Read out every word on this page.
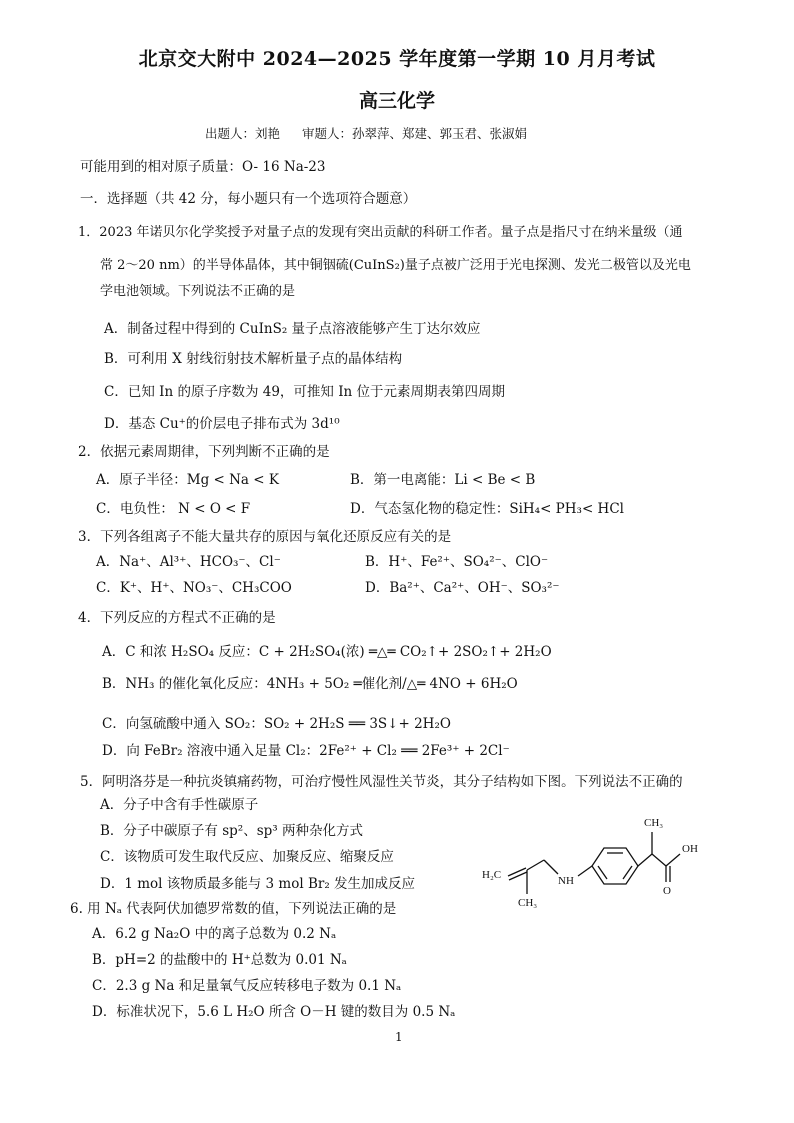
北京交大附中 2024—2025 学年度第一学期 10 月月考试
高三化学
出题人：刘艳 审题人：孙翠萍、郑建、郭玉君、张淑娟
可能用到的相对原子质量：O- 16 Na-23
一．选择题（共 42 分，每小题只有一个选项符合题意）
1．2023 年诺贝尔化学奖授予对量子点的发现有突出贡献的科研工作者。量子点是指尺寸在纳米量级（通
常 2～20 nm）的半导体晶体，其中铜铟硫(CuInS₂)量子点被广泛用于光电探测、发光二极管以及光电
学电池领域。下列说法不正确的是
A．制备过程中得到的 CuInS₂ 量子点溶液能够产生丁达尔效应
B．可利用 X 射线衍射技术解析量子点的晶体结构
C．已知 In 的原子序数为 49，可推知 In 位于元素周期表第四周期
D．基态 Cu⁺的价层电子排布式为 3d¹⁰
2．依据元素周期律，下列判断不正确的是
A．原子半径：Mg < Na < K	B．第一电离能：Li < Be < B
C．电负性： N < O < F	D．气态氢化物的稳定性：SiH₄< PH₃< HCl
3．下列各组离子不能大量共存的原因与氧化还原反应有关的是
A．Na⁺、Al³⁺、HCO₃⁻、Cl⁻	B．H⁺、Fe²⁺、SO₄²⁻、ClO⁻
C．K⁺、H⁺、NO₃⁻、CH₃COO	D．Ba²⁺、Ca²⁺、OH⁻、SO₃²⁻
4．下列反应的方程式不正确的是
A．C 和浓 H₂SO₄ 反应：C + 2H₂SO₄(浓) ═△═ CO₂↑+ 2SO₂↑+ 2H₂O
B．NH₃ 的催化氧化反应：4NH₃ + 5O₂ ═催化剂/△═ 4NO + 6H₂O
C．向氢硫酸中通入 SO₂：SO₂ + 2H₂S ══ 3S↓+ 2H₂O
D．向 FeBr₂ 溶液中通入足量 Cl₂：2Fe²⁺ + Cl₂ ══ 2Fe³⁺ + 2Cl⁻
5．阿明洛芬是一种抗炎镇痛药物，可治疗慢性风湿性关节炎，其分子结构如下图。下列说法不正确的
A．分子中含有手性碳原子
B．分子中碳原子有 sp²、sp³ 两种杂化方式
C．该物质可发生取代反应、加聚反应、缩聚反应
D．1 mol 该物质最多能与 3 mol Br₂ 发生加成反应
CH₃
OH
O
H₂C	NH
CH₃
6. 用 Nₐ 代表阿伏加德罗常数的值，下列说法正确的是
A．6.2 g Na₂O 中的离子总数为 0.2 Nₐ
B．pH=2 的盐酸中的 H⁺总数为 0.01 Nₐ
C．2.3 g Na 和足量氧气反应转移电子数为 0.1 Nₐ
D．标准状况下，5.6 L H₂O 所含 O－H 键的数目为 0.5 Nₐ
1
